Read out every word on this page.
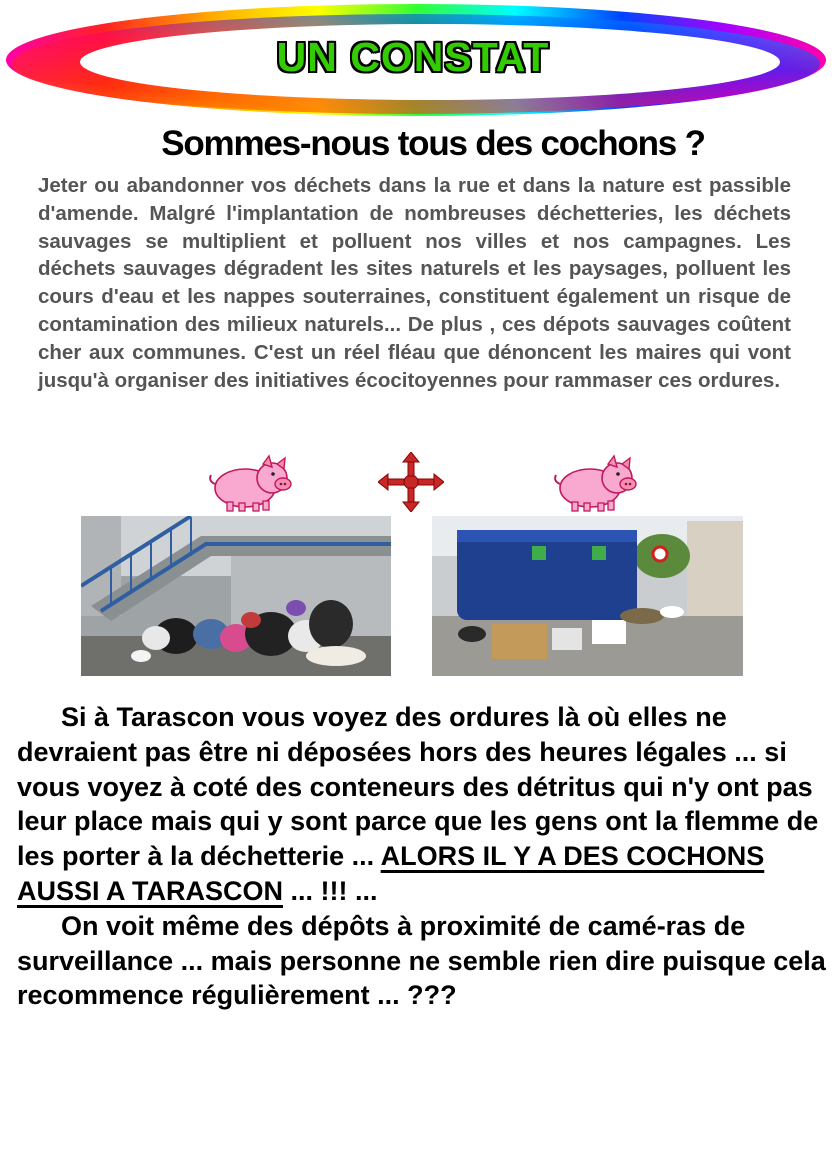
UN CONSTAT
Sommes-nous tous des cochons ?

Jeter ou abandonner vos déchets dans la rue et dans la nature est passible d'amende. Malgré l'implantation de nombreuses déchetteries, les déchets sauvages se multiplient et polluent nos villes et nos campagnes. Les déchets sauvages dégradent les sites naturels et les paysages, polluent les cours d'eau et les nappes souterraines, constituent également un risque de contamination des milieux naturels... De plus , ces dépots sauvages coûtent cher aux communes. C'est un réel fléau que dénoncent les maires qui vont jusqu'à organiser des initiatives écocitoyennes pour rammaser ces ordures.

Si à Tarascon vous voyez des ordures là où elles ne devraient pas être ni déposées hors des heures légales ... si vous voyez à coté des conteneurs des détritus qui n'y ont pas leur place mais qui y sont parce que les gens ont la flemme de les porter à la déchetterie ... ALORS IL Y A DES COCHONS AUSSI A TARASCON ... !!! ...
On voit même des dépôts à proximité de camé-ras de surveillance ... mais personne ne semble rien dire puisque cela recommence régulièrement ... ???
